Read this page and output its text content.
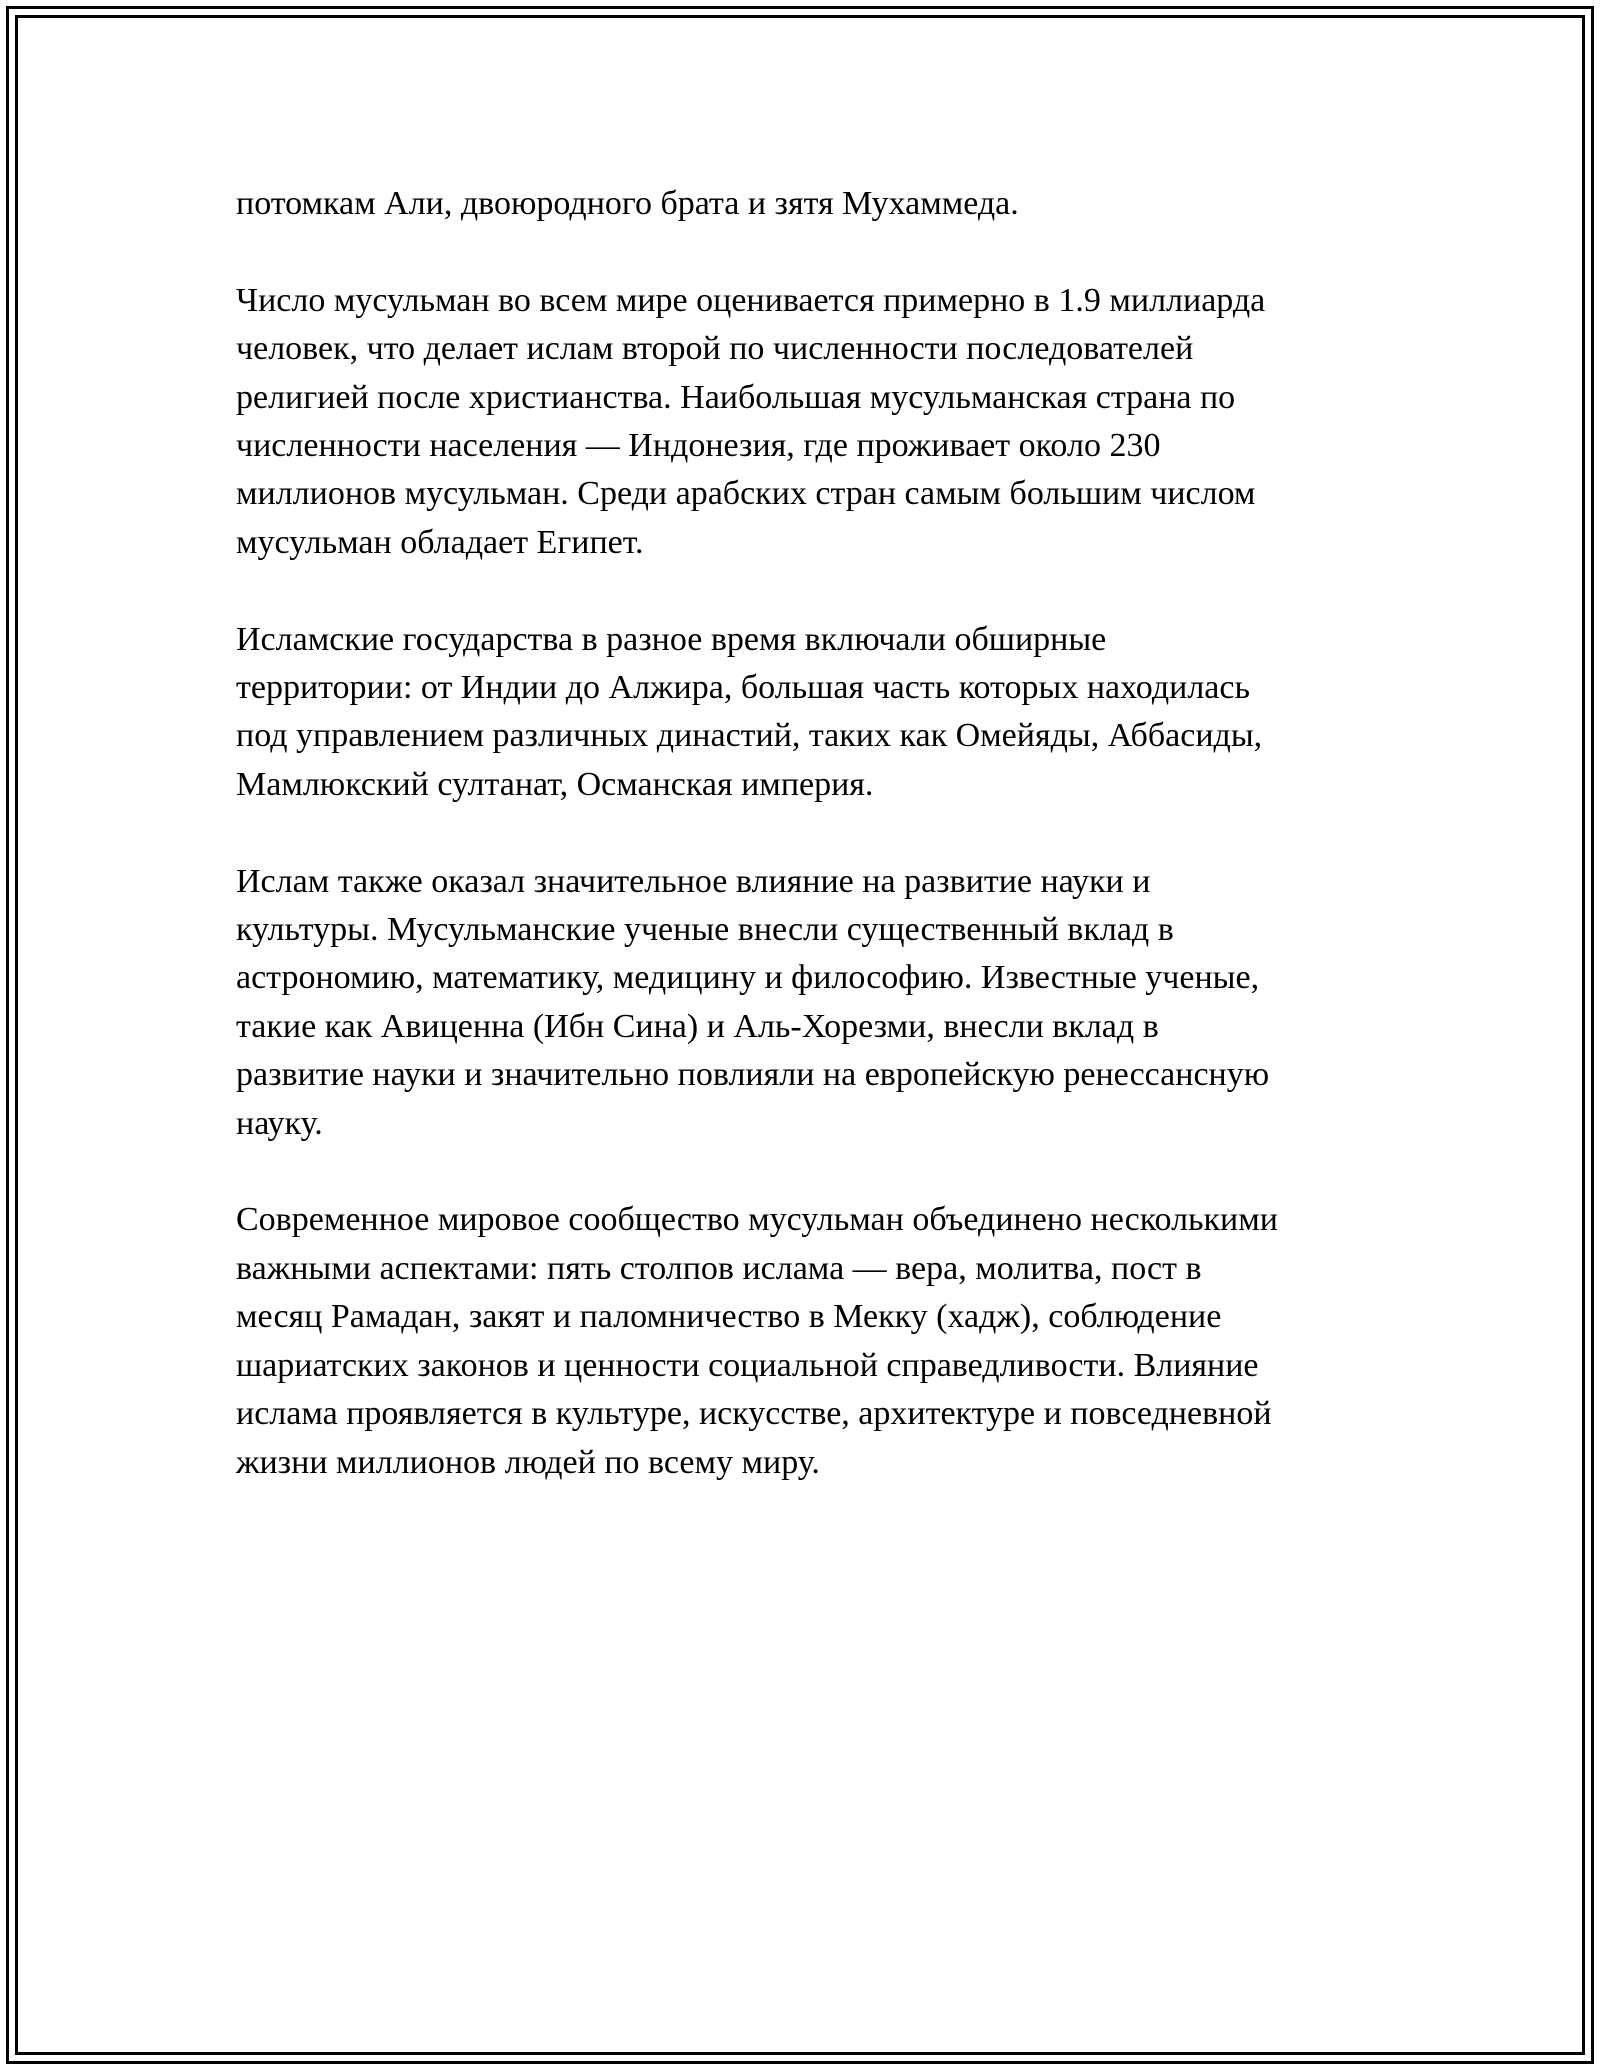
потомкам Али, двоюродного брата и зятя Мухаммеда.

Число мусульман во всем мире оценивается примерно в 1.9 миллиарда
человек, что делает ислам второй по численности последователей
религией после христианства. Наибольшая мусульманская страна по
численности населения — Индонезия, где проживает около 230
миллионов мусульман. Среди арабских стран самым большим числом
мусульман обладает Египет.

Исламские государства в разное время включали обширные
территории: от Индии до Алжира, большая часть которых находилась
под управлением различных династий, таких как Омейяды, Аббасиды,
Мамлюкский султанат, Османская империя.

Ислам также оказал значительное влияние на развитие науки и
культуры. Мусульманские ученые внесли существенный вклад в
астрономию, математику, медицину и философию. Известные ученые,
такие как Авиценна (Ибн Сина) и Аль-Хорезми, внесли вклад в
развитие науки и значительно повлияли на европейскую ренессансную
науку.

Современное мировое сообщество мусульман объединено несколькими
важными аспектами: пять столпов ислама — вера, молитва, пост в
месяц Рамадан, закят и паломничество в Мекку (хадж), соблюдение
шариатских законов и ценности социальной справедливости. Влияние
ислама проявляется в культуре, искусстве, архитектуре и повседневной
жизни миллионов людей по всему миру.
